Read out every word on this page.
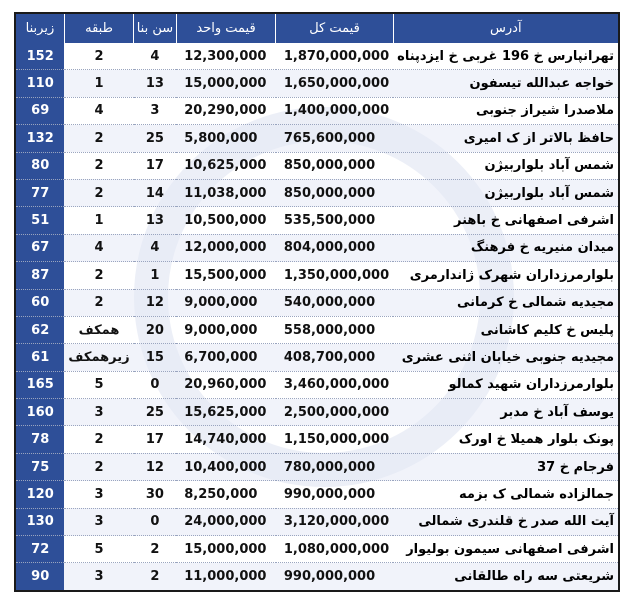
آدرس	قیمت کل	قیمت واحد	سن بنا	طبقه	زیربنا
تهرانپارس خ 196 غربی خ ایزدپناه	1,870,000,000	12,300,000	4	2	152
خواجه عبدالله تیسفون	1,650,000,000	15,000,000	13	1	110
ملاصدرا شیراز جنوبی	1,400,000,000	20,290,000	3	4	69
حافظ بالاتر از ک امیری	765,600,000	5,800,000	25	2	132
شمس آباد بلواربیژن	850,000,000	10,625,000	17	2	80
شمس آباد بلواربیژن	850,000,000	11,038,000	14	2	77
اشرفی اصفهانی خ باهنر	535,500,000	10,500,000	13	1	51
میدان منیریه خ فرهنگ	804,000,000	12,000,000	4	4	67
بلوارمرزداران شهرک ژاندارمری	1,350,000,000	15,500,000	1	2	87
مجیدیه شمالی خ کرمانی	540,000,000	9,000,000	12	2	60
پلیس خ کلیم کاشانی	558,000,000	9,000,000	20	همکف	62
مجیدیه جنوبی خیابان اثنی عشری	408,700,000	6,700,000	15	زیرهمکف	61
بلوارمرزداران شهید کمالو	3,460,000,000	20,960,000	0	5	165
یوسف آباد خ مدبر	2,500,000,000	15,625,000	25	3	160
پونک بلوار همیلا خ اورک	1,150,000,000	14,740,000	17	2	78
فرجام خ 37	780,000,000	10,400,000	12	2	75
جمالزاده شمالی ک بزمه	990,000,000	8,250,000	30	3	120
آیت الله صدر خ قلندری شمالی	3,120,000,000	24,000,000	0	3	130
اشرفی اصفهانی سیمون بولیوار	1,080,000,000	15,000,000	2	5	72
شریعتی سه راه طالقانی	990,000,000	11,000,000	2	3	90
